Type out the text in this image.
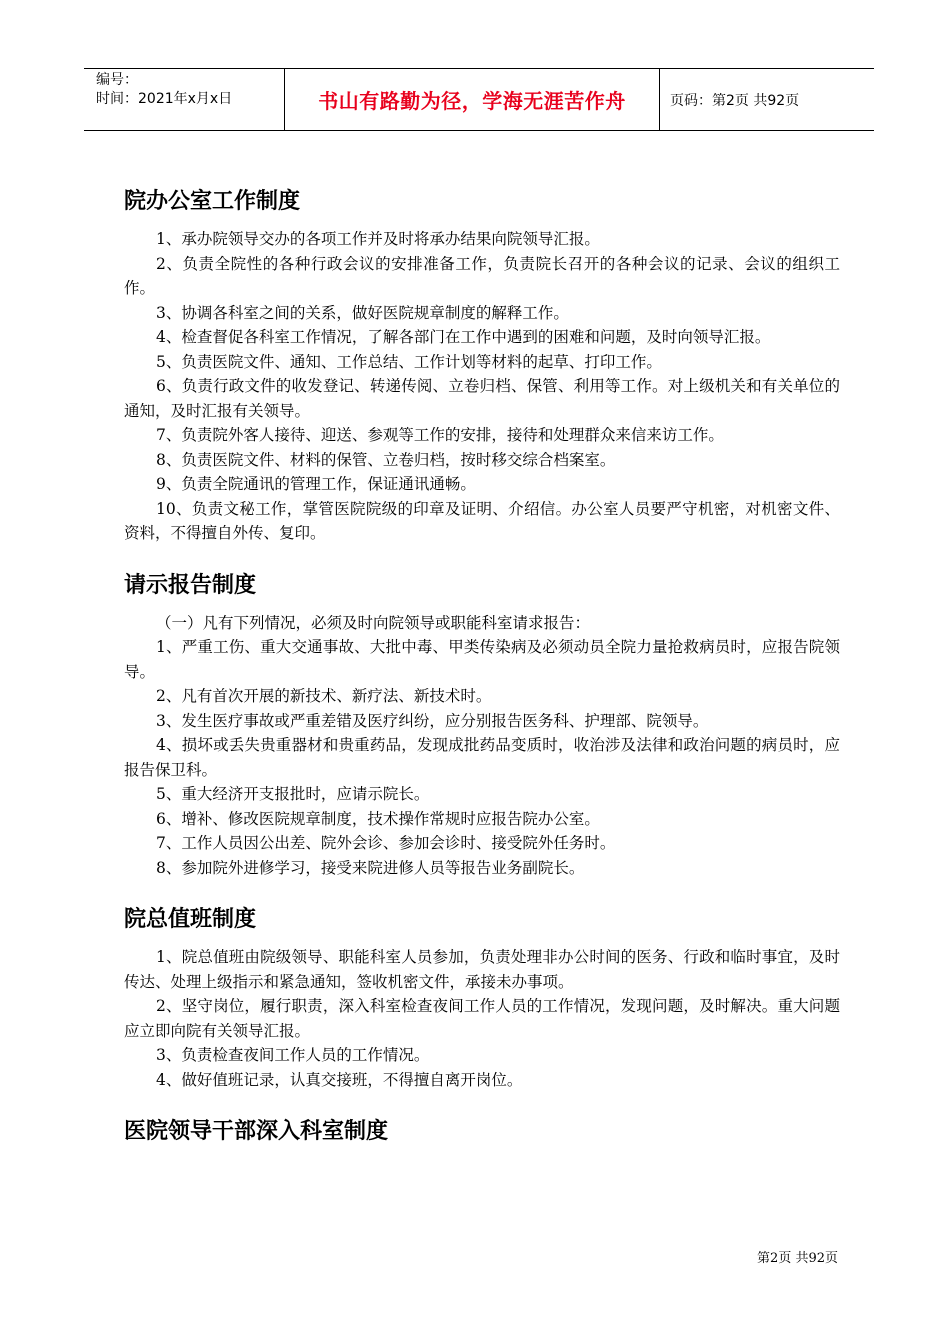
编号：
时间：2021年x月x日	书山有路勤为径，学海无涯苦作舟	页码：第2页 共92页
院办公室工作制度

1、承办院领导交办的各项工作并及时将承办结果向院领导汇报。

2、负责全院性的各种行政会议的安排准备工作，负责院长召开的各种会议的记录、会议的组织工作。

3、协调各科室之间的关系，做好医院规章制度的解释工作。

4、检查督促各科室工作情况，了解各部门在工作中遇到的困难和问题，及时向领导汇报。

5、负责医院文件、通知、工作总结、工作计划等材料的起草、打印工作。

6、负责行政文件的收发登记、转递传阅、立卷归档、保管、利用等工作。对上级机关和有关单位的通知，及时汇报有关领导。

7、负责院外客人接待、迎送、参观等工作的安排，接待和处理群众来信来访工作。

8、负责医院文件、材料的保管、立卷归档，按时移交综合档案室。

9、负责全院通讯的管理工作，保证通讯通畅。

10、负责文秘工作，掌管医院院级的印章及证明、介绍信。办公室人员要严守机密，对机密文件、资料，不得擅自外传、复印。

请示报告制度

（一）凡有下列情况，必须及时向院领导或职能科室请求报告：

1、严重工伤、重大交通事故、大批中毒、甲类传染病及必须动员全院力量抢救病员时，应报告院领导。

2、凡有首次开展的新技术、新疗法、新技术时。

3、发生医疗事故或严重差错及医疗纠纷，应分别报告医务科、护理部、院领导。

4、损坏或丢失贵重器材和贵重药品，发现成批药品变质时，收治涉及法律和政治问题的病员时，应报告保卫科。

5、重大经济开支报批时，应请示院长。

6、增补、修改医院规章制度，技术操作常规时应报告院办公室。

7、工作人员因公出差、院外会诊、参加会诊时、接受院外任务时。

8、参加院外进修学习，接受来院进修人员等报告业务副院长。

院总值班制度

1、院总值班由院级领导、职能科室人员参加，负责处理非办公时间的医务、行政和临时事宜，及时传达、处理上级指示和紧急通知，签收机密文件，承接未办事项。

2、坚守岗位，履行职责，深入科室检查夜间工作人员的工作情况，发现问题，及时解决。重大问题应立即向院有关领导汇报。

3、负责检查夜间工作人员的工作情况。

4、做好值班记录，认真交接班，不得擅自离开岗位。

医院领导干部深入科室制度
第2页 共92页
